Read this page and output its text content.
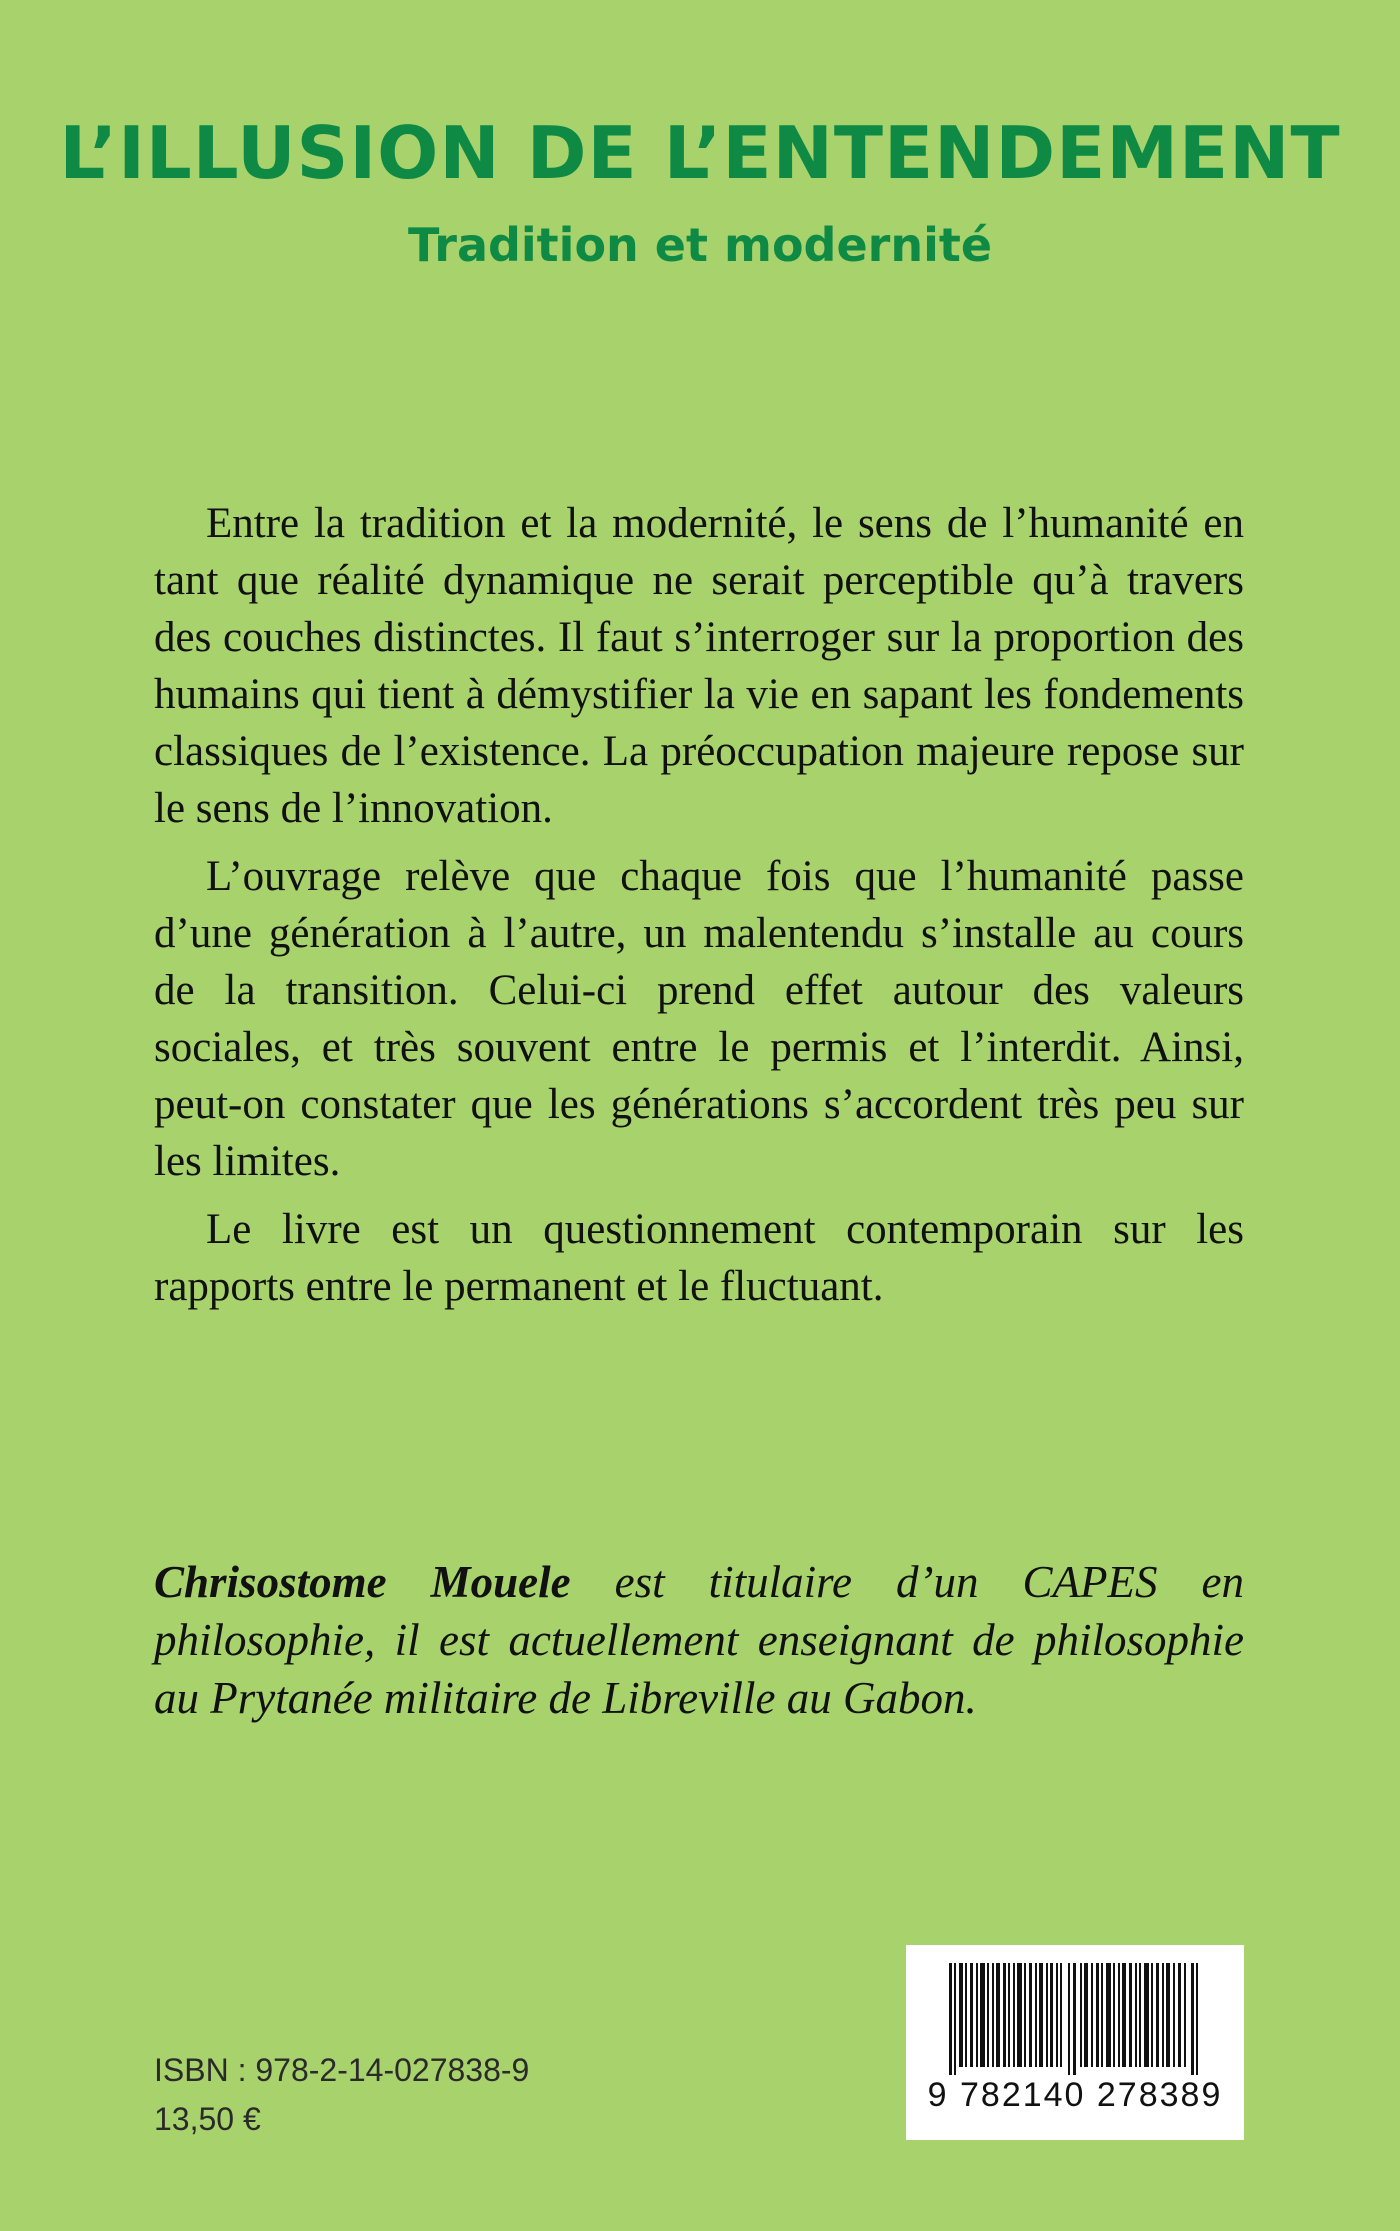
L’ILLUSION DE L’ENTENDEMENT
Tradition et modernité

Entre la tradition et la modernité, le sens de l’humanité en tant que réalité dynamique ne serait perceptible qu’à travers des couches distinctes. Il faut s’interroger sur la proportion des humains qui tient à démystifier la vie en sapant les fondements classiques de l’existence. La préoccupation majeure repose sur le sens de l’innovation.

L’ouvrage relève que chaque fois que l’humanité passe d’une génération à l’autre, un malentendu s’installe au cours de la transition. Celui-ci prend effet autour des valeurs sociales, et très souvent entre le permis et l’interdit. Ainsi, peut-on constater que les générations s’accordent très peu sur les limites.

Le livre est un questionnement contemporain sur les rapports entre le permanent et le fluctuant.

Chrisostome Mouele est titulaire d’un CAPES en philosophie, il est actuellement enseignant de philosophie au Prytanée militaire de Libreville au Gabon.

ISBN : 978-2-14-027838-9

13,50 €

9 782140 278389
